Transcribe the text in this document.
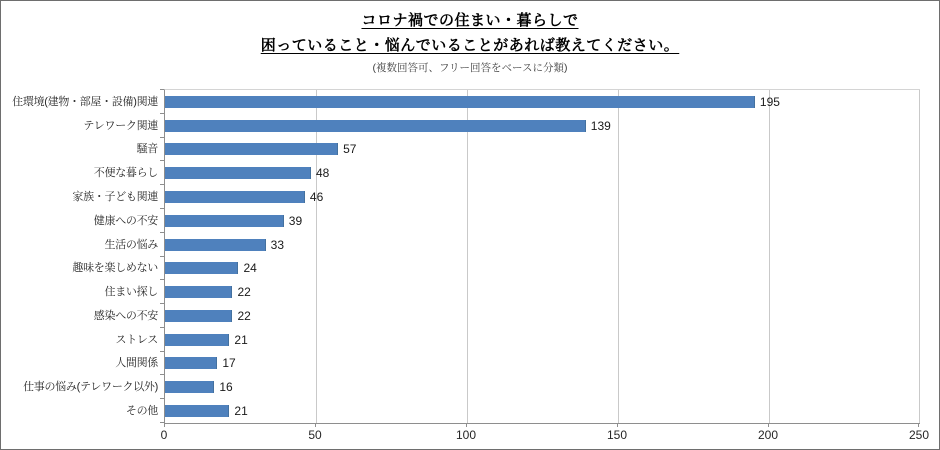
コロナ禍での住まい・暮らしで
困っていること・悩んでいることがあれば教えてください。
(複数回答可、フリー回答をベースに分類)
住環境(建物・部屋・設備)関連
テレワーク関連
騒音
不便な暮らし
家族・子ども関連
健康への不安
生活の悩み
趣味を楽しめない
住まい探し
感染への不安
ストレス
人間関係
仕事の悩み(テレワーク以外)
その他
195
139
57
48
46
39
33
24
22
22
21
17
16
21
0	50	100	150	200	250
